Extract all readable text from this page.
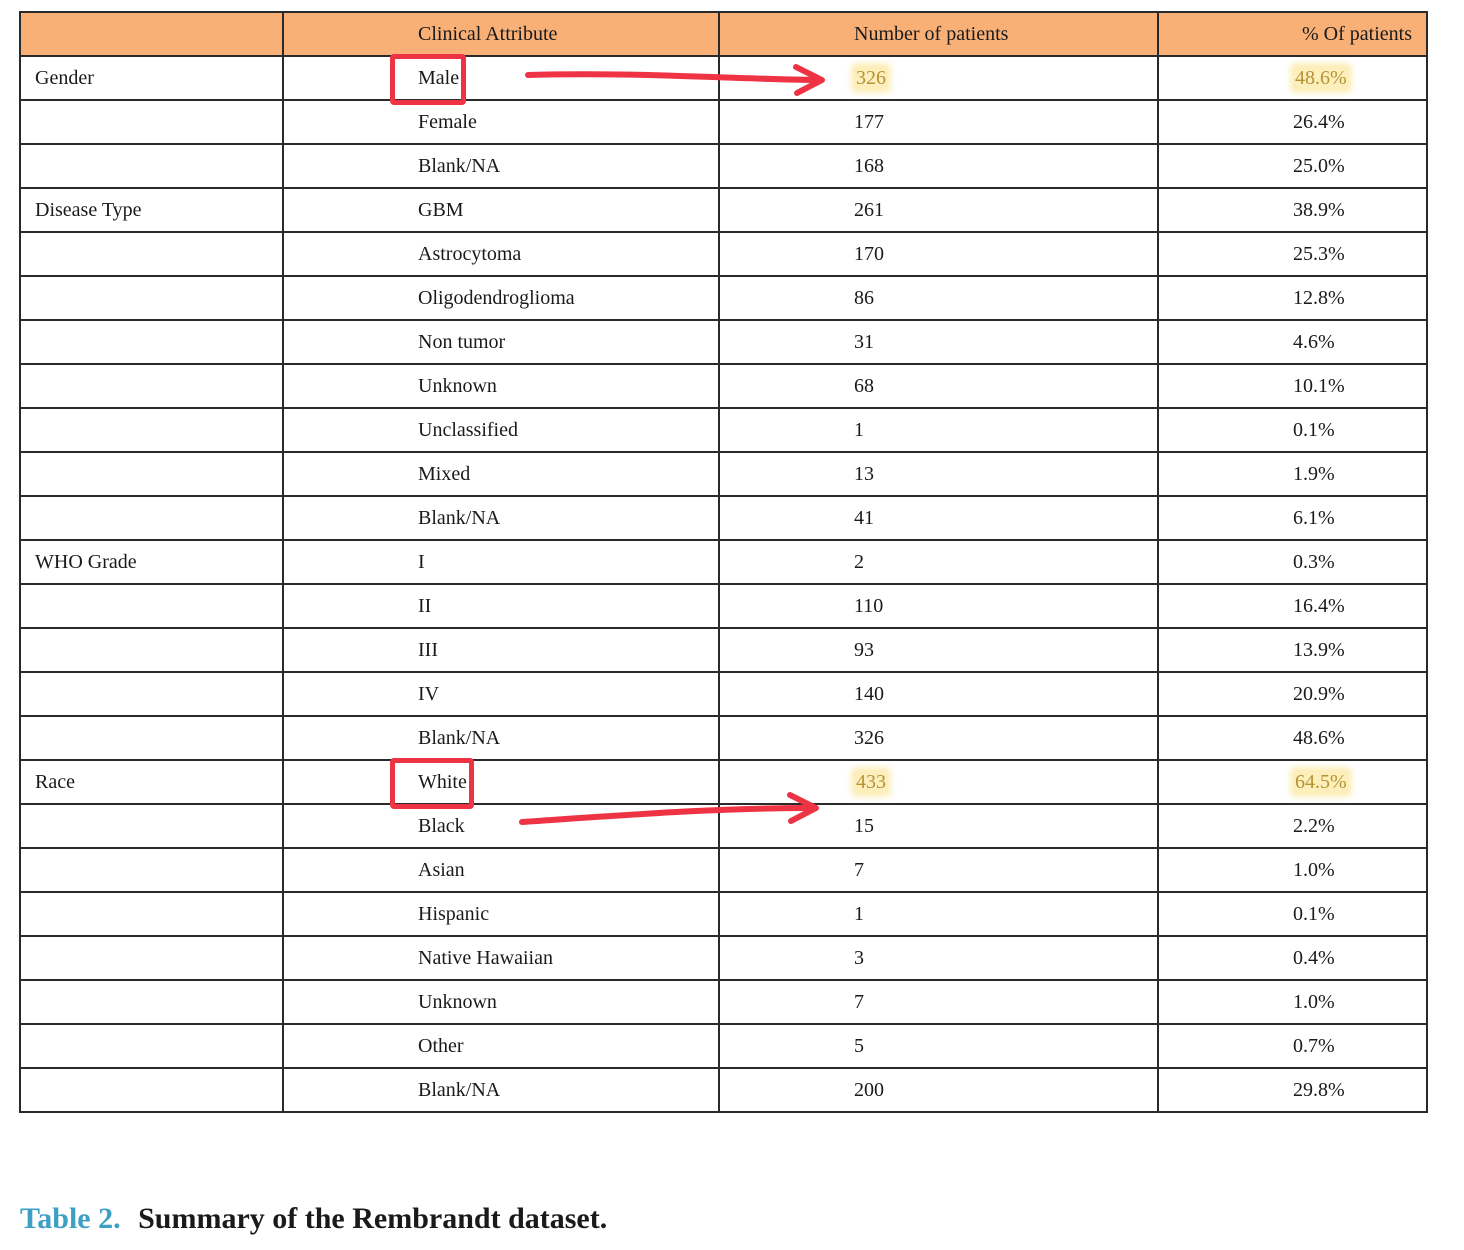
	Clinical Attribute	Number of patients	% Of patients
Gender	Male	326	48.6%
	Female	177	26.4%
	Blank/NA	168	25.0%
Disease Type	GBM	261	38.9%
	Astrocytoma	170	25.3%
	Oligodendroglioma	86	12.8%
	Non tumor	31	4.6%
	Unknown	68	10.1%
	Unclassified	1	0.1%
	Mixed	13	1.9%
	Blank/NA	41	6.1%
WHO Grade	I	2	0.3%
	II	110	16.4%
	III	93	13.9%
	IV	140	20.9%
	Blank/NA	326	48.6%
Race	White	433	64.5%
	Black	15	2.2%
	Asian	7	1.0%
	Hispanic	1	0.1%
	Native Hawaiian	3	0.4%
	Unknown	7	1.0%
	Other	5	0.7%
	Blank/NA	200	29.8%
Table 2. Summary of the Rembrandt dataset.
